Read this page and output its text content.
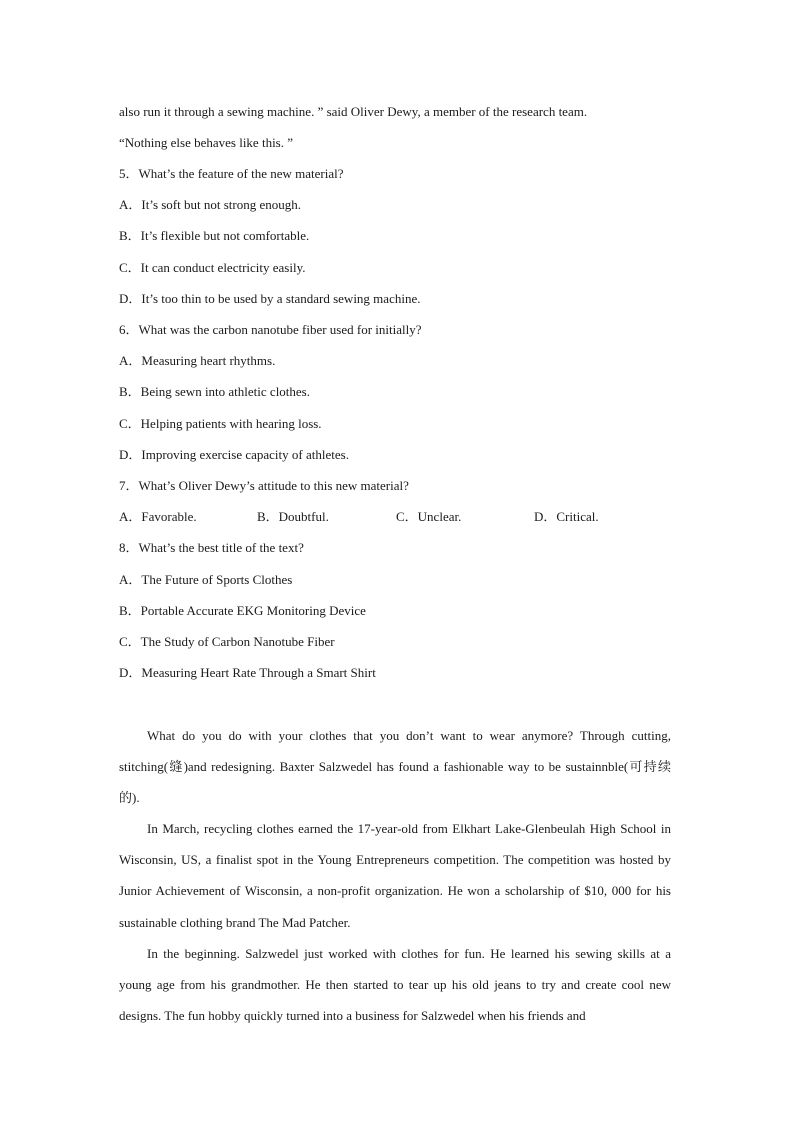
also run it through a sewing machine. ” said Oliver Dewy, a member of the research team.
“Nothing else behaves like this. ”
5．What’s the feature of the new material?
A．It’s soft but not strong enough.
B．It’s flexible but not comfortable.
C．It can conduct electricity easily.
D．It’s too thin to be used by a standard sewing machine.
6．What was the carbon nanotube fiber used for initially?
A．Measuring heart rhythms.
B．Being sewn into athletic clothes.
C．Helping patients with hearing loss.
D．Improving exercise capacity of athletes.
7．What’s Oliver Dewy’s attitude to this new material?
A．Favorable.	B．Doubtful.	C．Unclear.	D．Critical.
8．What’s the best title of the text?
A．The Future of Sports Clothes
B．Portable Accurate EKG Monitoring Device
C．The Study of Carbon Nanotube Fiber
D．Measuring Heart Rate Through a Smart Shirt
What do you do with your clothes that you don’t want to wear anymore? Through cutting, stitching(缝)and redesigning. Baxter Salzwedel has found a fashionable way to be sustainnble(可持续的).
In March, recycling clothes earned the 17-year-old from Elkhart Lake-Glenbeulah High School in Wisconsin, US, a finalist spot in the Young Entrepreneurs competition. The competition was hosted by Junior Achievement of Wisconsin, a non-profit organization. He won a scholarship of $10, 000 for his sustainable clothing brand The Mad Patcher.
In the beginning. Salzwedel just worked with clothes for fun. He learned his sewing skills at a young age from his grandmother. He then started to tear up his old jeans to try and create cool new designs. The fun hobby quickly turned into a business for Salzwedel when his friends and
